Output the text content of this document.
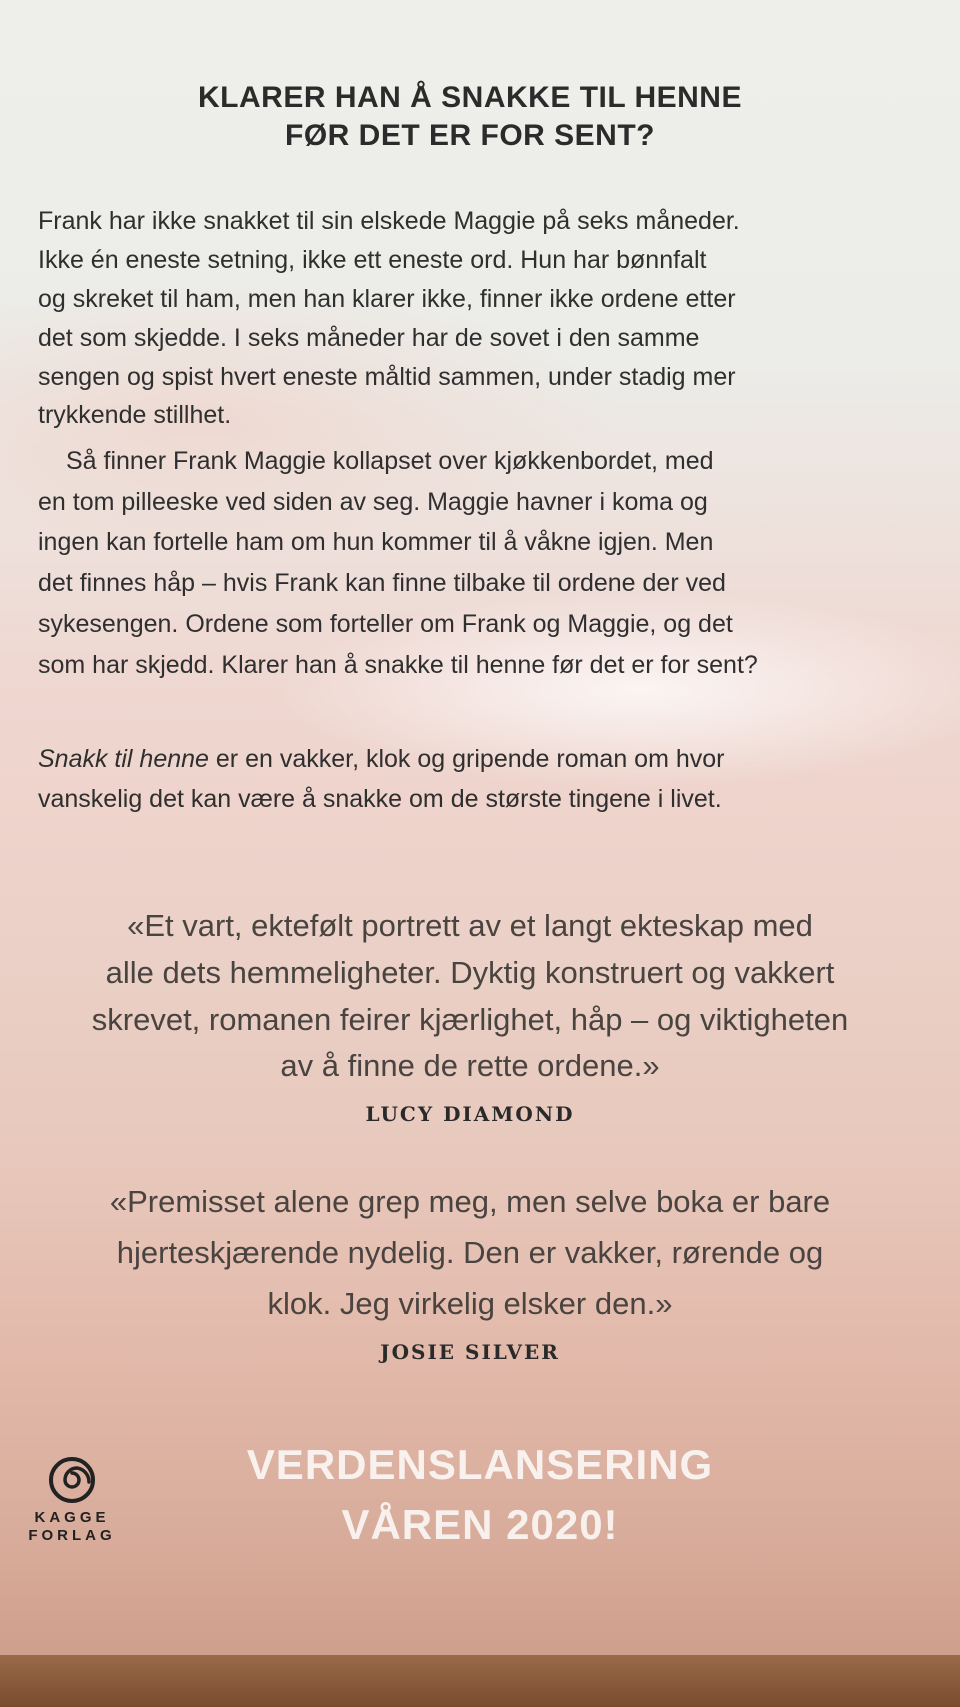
KLARER HAN Å SNAKKE TIL HENNE
FØR DET ER FOR SENT?
Frank har ikke snakket til sin elskede Maggie på seks måneder.
Ikke én eneste setning, ikke ett eneste ord. Hun har bønnfalt
og skreket til ham, men han klarer ikke, finner ikke ordene etter
det som skjedde. I seks måneder har de sovet i den samme
sengen og spist hvert eneste måltid sammen, under stadig mer
trykkende stillhet.
Så finner Frank Maggie kollapset over kjøkkenbordet, med
en tom pilleeske ved siden av seg. Maggie havner i koma og
ingen kan fortelle ham om hun kommer til å våkne igjen. Men
det finnes håp – hvis Frank kan finne tilbake til ordene der ved
sykesengen. Ordene som forteller om Frank og Maggie, og det
som har skjedd. Klarer han å snakke til henne før det er for sent?
Snakk til henne er en vakker, klok og gripende roman om hvor
vanskelig det kan være å snakke om de største tingene i livet.
«Et vart, ektefølt portrett av et langt ekteskap med
alle dets hemmeligheter. Dyktig konstruert og vakkert
skrevet, romanen feirer kjærlighet, håp – og viktigheten
av å finne de rette ordene.»
LUCY DIAMOND
«Premisset alene grep meg, men selve boka er bare
hjerteskjærende nydelig. Den er vakker, rørende og
klok. Jeg virkelig elsker den.»
JOSIE SILVER
KAGGE
FORLAG
VERDENSLANSERING
VÅREN 2020!
